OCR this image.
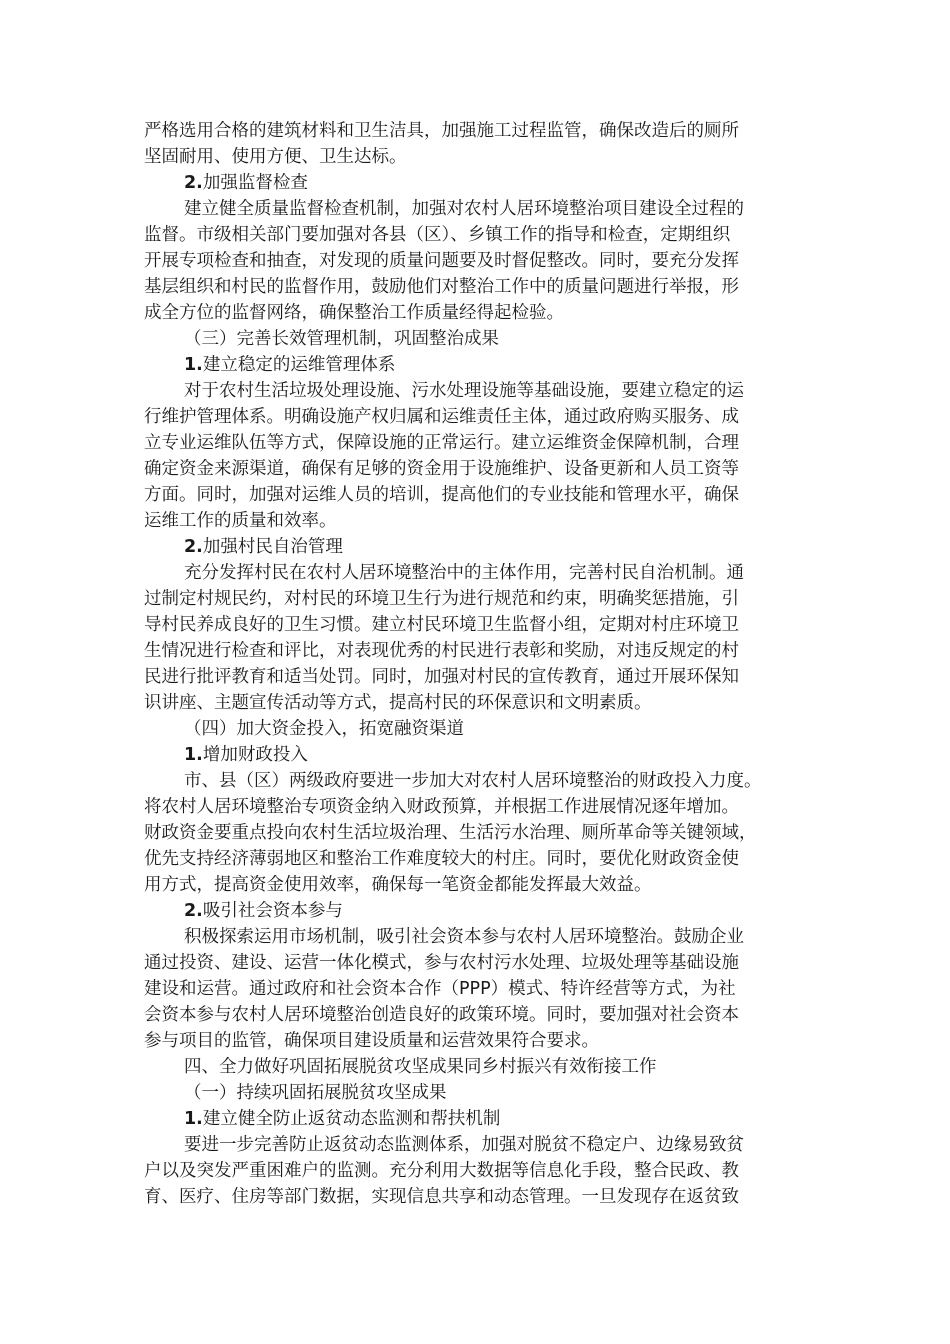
严格选用合格的建筑材料和卫生洁具，加强施工过程监管，确保改造后的厕所
坚固耐用、使用方便、卫生达标。
2.加强监督检查
建立健全质量监督检查机制，加强对农村人居环境整治项目建设全过程的
监督。市级相关部门要加强对各县（区）、乡镇工作的指导和检查，定期组织
开展专项检查和抽查，对发现的质量问题要及时督促整改。同时，要充分发挥
基层组织和村民的监督作用，鼓励他们对整治工作中的质量问题进行举报，形
成全方位的监督网络，确保整治工作质量经得起检验。
（三）完善长效管理机制，巩固整治成果
1.建立稳定的运维管理体系
对于农村生活垃圾处理设施、污水处理设施等基础设施，要建立稳定的运
行维护管理体系。明确设施产权归属和运维责任主体，通过政府购买服务、成
立专业运维队伍等方式，保障设施的正常运行。建立运维资金保障机制，合理
确定资金来源渠道，确保有足够的资金用于设施维护、设备更新和人员工资等
方面。同时，加强对运维人员的培训，提高他们的专业技能和管理水平，确保
运维工作的质量和效率。
2.加强村民自治管理
充分发挥村民在农村人居环境整治中的主体作用，完善村民自治机制。通
过制定村规民约，对村民的环境卫生行为进行规范和约束，明确奖惩措施，引
导村民养成良好的卫生习惯。建立村民环境卫生监督小组，定期对村庄环境卫
生情况进行检查和评比，对表现优秀的村民进行表彰和奖励，对违反规定的村
民进行批评教育和适当处罚。同时，加强对村民的宣传教育，通过开展环保知
识讲座、主题宣传活动等方式，提高村民的环保意识和文明素质。
（四）加大资金投入，拓宽融资渠道
1.增加财政投入
市、县（区）两级政府要进一步加大对农村人居环境整治的财政投入力度。
将农村人居环境整治专项资金纳入财政预算，并根据工作进展情况逐年增加。
财政资金要重点投向农村生活垃圾治理、生活污水治理、厕所革命等关键领域，
优先支持经济薄弱地区和整治工作难度较大的村庄。同时，要优化财政资金使
用方式，提高资金使用效率，确保每一笔资金都能发挥最大效益。
2.吸引社会资本参与
积极探索运用市场机制，吸引社会资本参与农村人居环境整治。鼓励企业
通过投资、建设、运营一体化模式，参与农村污水处理、垃圾处理等基础设施
建设和运营。通过政府和社会资本合作（PPP）模式、特许经营等方式，为社
会资本参与农村人居环境整治创造良好的政策环境。同时，要加强对社会资本
参与项目的监管，确保项目建设质量和运营效果符合要求。
四、全力做好巩固拓展脱贫攻坚成果同乡村振兴有效衔接工作
（一）持续巩固拓展脱贫攻坚成果
1.建立健全防止返贫动态监测和帮扶机制
要进一步完善防止返贫动态监测体系，加强对脱贫不稳定户、边缘易致贫
户以及突发严重困难户的监测。充分利用大数据等信息化手段，整合民政、教
育、医疗、住房等部门数据，实现信息共享和动态管理。一旦发现存在返贫致
